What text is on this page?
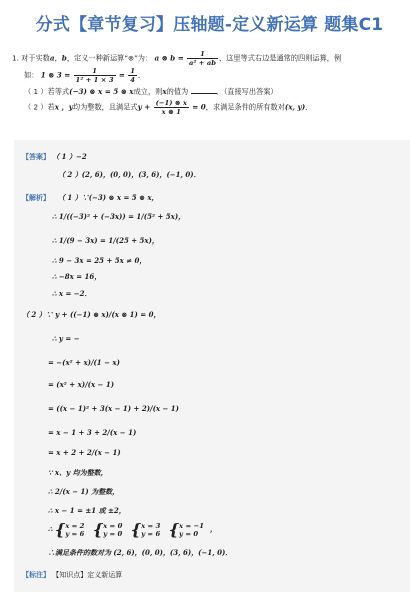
分式【章节复习】压轴题-定义新运算 题集C1
1. 对于实数a，b，定义一种新运算“⊗”为： a ⊗ $b = \frac{1}{\text{a² + ab}}$ ，这里等式右边是通常的四则运算，例
如： 1 ⊗ $3 = \frac{1}{\text{1² + 1 × 3}} = \frac{1}{4}$ ．
（ 1 ）若等式(−3) ⊗ x = 5 ⊗ x成立，则x的值为	．（直接写出答案）
（ 2 ）若x ，y均为整数，且满足式$y + \frac{(-1) \otimes x}{x \otimes 1} = 0$，求满足条件的所有数对(x, y)．
【答案】 （ 1 ）−2
（ 2 ）(2, 6)，(0, 0)，(3, 6)，(−1, 0)．
【解析】 （ 1 ）∵(−3) ⊗ x = 5 ⊗ x，
∴ 1/((−3)² + (−3x)) = 1/(5² + 5x)，
∴ 1/(9 − 3x) = 1/(25 + 5x)，
∴ 9 − 3x = 25 + 5x ≠ 0，
∴ −8x = 16，
∴ x = −2．
（ 2 ）∵ y + ((−1) ⊗ x)/(x ⊗ 1) = 0，
∴ y = −
= −(x² + x)/(1 − x)
= (x² + x)/(x − 1)
= ((x − 1)² + 3(x − 1) + 2)/(x − 1)
= x − 1 + 3 + 2/(x − 1)
= x + 2 + 2/(x − 1)
∵ x、y 均为整数，
∴ 2/(x − 1) 为整数，
∴ x − 1 = ±1 或 ±2，
∴ { x = 2
y = 6 { x = 0
y = 0 { x = 3
y = 6 { x = −1
y = 0	，
∴满足条件的数对为 (2, 6)，(0, 0)，(3, 6)，(−1, 0)．
【标注】 【知识点】定义新运算
